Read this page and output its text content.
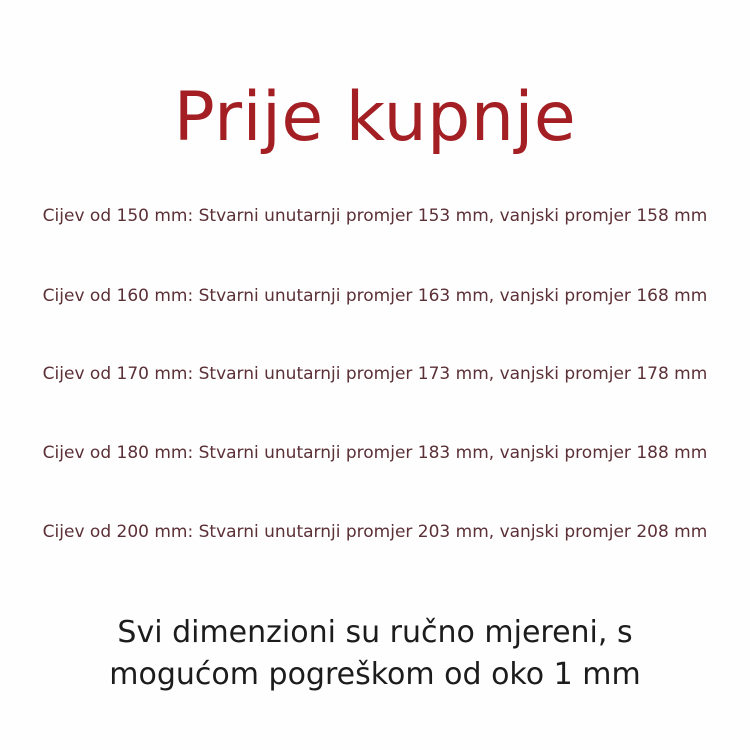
Prije kupnje
Cijev od 150 mm: Stvarni unutarnji promjer 153 mm, vanjski promjer 158 mm
Cijev od 160 mm: Stvarni unutarnji promjer 163 mm, vanjski promjer 168 mm
Cijev od 170 mm: Stvarni unutarnji promjer 173 mm, vanjski promjer 178 mm
Cijev od 180 mm: Stvarni unutarnji promjer 183 mm, vanjski promjer 188 mm
Cijev od 200 mm: Stvarni unutarnji promjer 203 mm, vanjski promjer 208 mm
Svi dimenzioni su ručno mjereni, s
mogućom pogreškom od oko 1 mm
